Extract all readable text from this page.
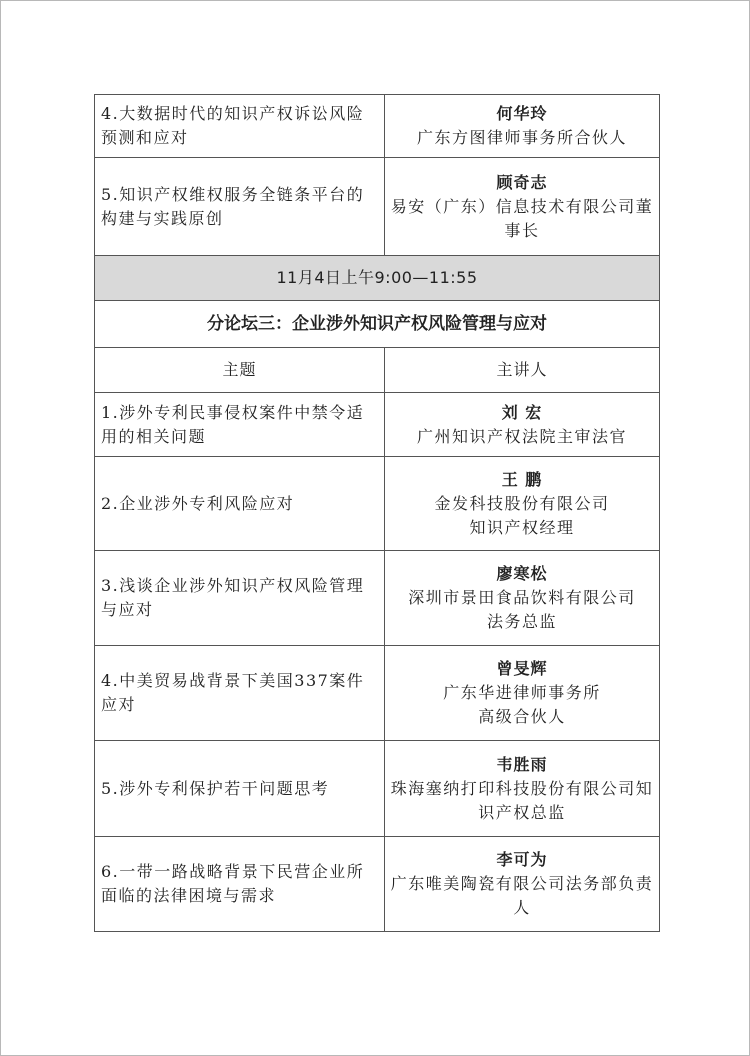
4.大数据时代的知识产权诉讼风险预测和应对	何华玲
广东方图律师事务所合伙人

5.知识产权维权服务全链条平台的构建与实践原创	顾奇志
易安（广东）信息技术有限公司董事长

11月4日上午9:00—11:55	
分论坛三：企业涉外知识产权风险管理与应对	
主题	主讲人
1.涉外专利民事侵权案件中禁令适用的相关问题	刘 宏
广州知识产权法院主审法官

2.企业涉外专利风险应对	王 鹏
金发科技股份有限公司
知识产权经理

3.浅谈企业涉外知识产权风险管理与应对	廖寒松
深圳市景田食品饮料有限公司
法务总监

4.中美贸易战背景下美国337案件应对	曾旻辉
广东华进律师事务所
高级合伙人

5.涉外专利保护若干问题思考	韦胜雨
珠海塞纳打印科技股份有限公司知识产权总监

6.一带一路战略背景下民营企业所面临的法律困境与需求	李可为
广东唯美陶瓷有限公司法务部负责人
